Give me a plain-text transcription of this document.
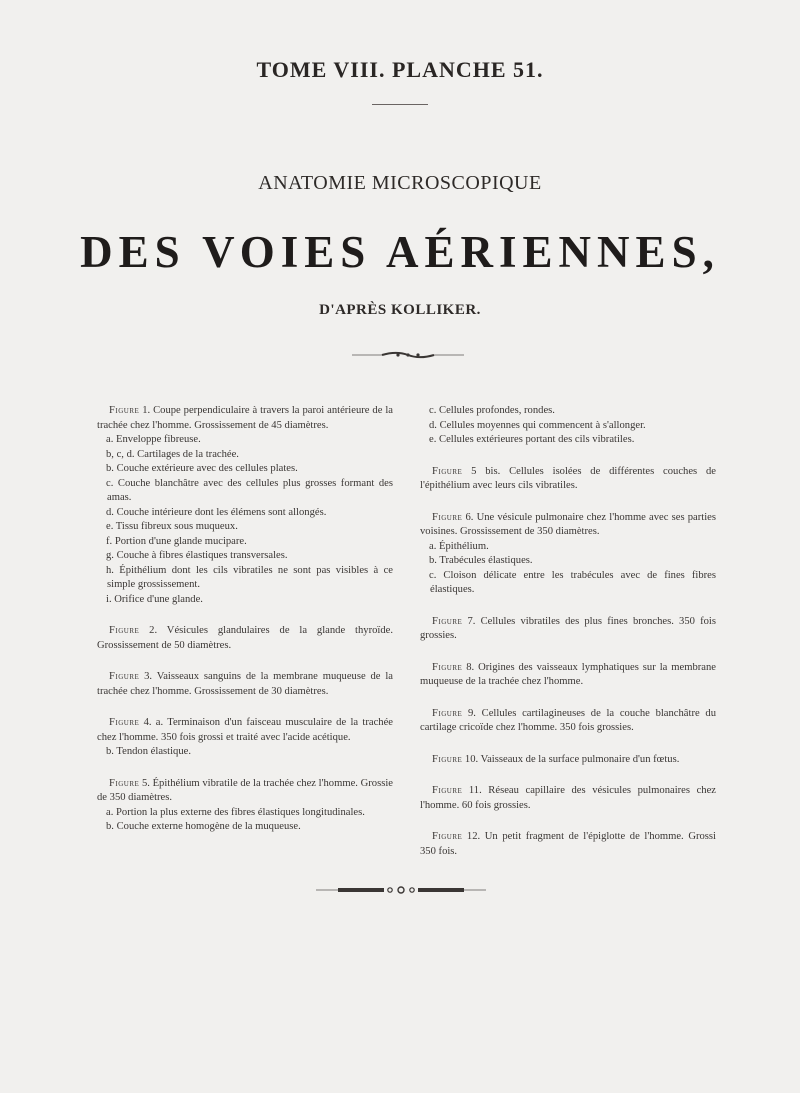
TOME VIII. PLANCHE 51.
ANATOMIE MICROSCOPIQUE
DES VOIES AÉRIENNES,
D'APRÈS KOLLIKER.

Figure 1. Coupe perpendiculaire à travers la paroi antérieure de la trachée chez l'homme. Grossissement de 45 diamètres.

a. Enveloppe fibreuse.

b, c, d. Cartilages de la trachée.

b. Couche extérieure avec des cellules plates.

c. Couche blanchâtre avec des cellules plus grosses formant des amas.

d. Couche intérieure dont les élémens sont allongés.

e. Tissu fibreux sous muqueux.

f. Portion d'une glande mucipare.

g. Couche à fibres élastiques transversales.

h. Épithélium dont les cils vibratiles ne sont pas visibles à ce simple grossissement.

i. Orifice d'une glande.

Figure 2. Vésicules glandulaires de la glande thyroïde. Grossissement de 50 diamètres.

Figure 3. Vaisseaux sanguins de la membrane muqueuse de la trachée chez l'homme. Grossissement de 30 diamètres.

Figure 4. a. Terminaison d'un faisceau musculaire de la trachée chez l'homme. 350 fois grossi et traité avec l'acide acétique.

b. Tendon élastique.

Figure 5. Épithélium vibratile de la trachée chez l'homme. Grossie de 350 diamètres.

a. Portion la plus externe des fibres élastiques longitudinales.

b. Couche externe homogène de la muqueuse.

c. Cellules profondes, rondes.

d. Cellules moyennes qui commencent à s'allonger.

e. Cellules extérieures portant des cils vibratiles.

Figure 5 bis. Cellules isolées de différentes couches de l'épithélium avec leurs cils vibratiles.

Figure 6. Une vésicule pulmonaire chez l'homme avec ses parties voisines. Grossissement de 350 diamètres.

a. Épithélium.

b. Trabécules élastiques.

c. Cloison délicate entre les trabécules avec de fines fibres élastiques.

Figure 7. Cellules vibratiles des plus fines bronches. 350 fois grossies.

Figure 8. Origines des vaisseaux lymphatiques sur la membrane muqueuse de la trachée chez l'homme.

Figure 9. Cellules cartilagineuses de la couche blanchâtre du cartilage cricoïde chez l'homme. 350 fois grossies.

Figure 10. Vaisseaux de la surface pulmonaire d'un fœtus.

Figure 11. Réseau capillaire des vésicules pulmonaires chez l'homme. 60 fois grossies.

Figure 12. Un petit fragment de l'épiglotte de l'homme. Grossi 350 fois.
